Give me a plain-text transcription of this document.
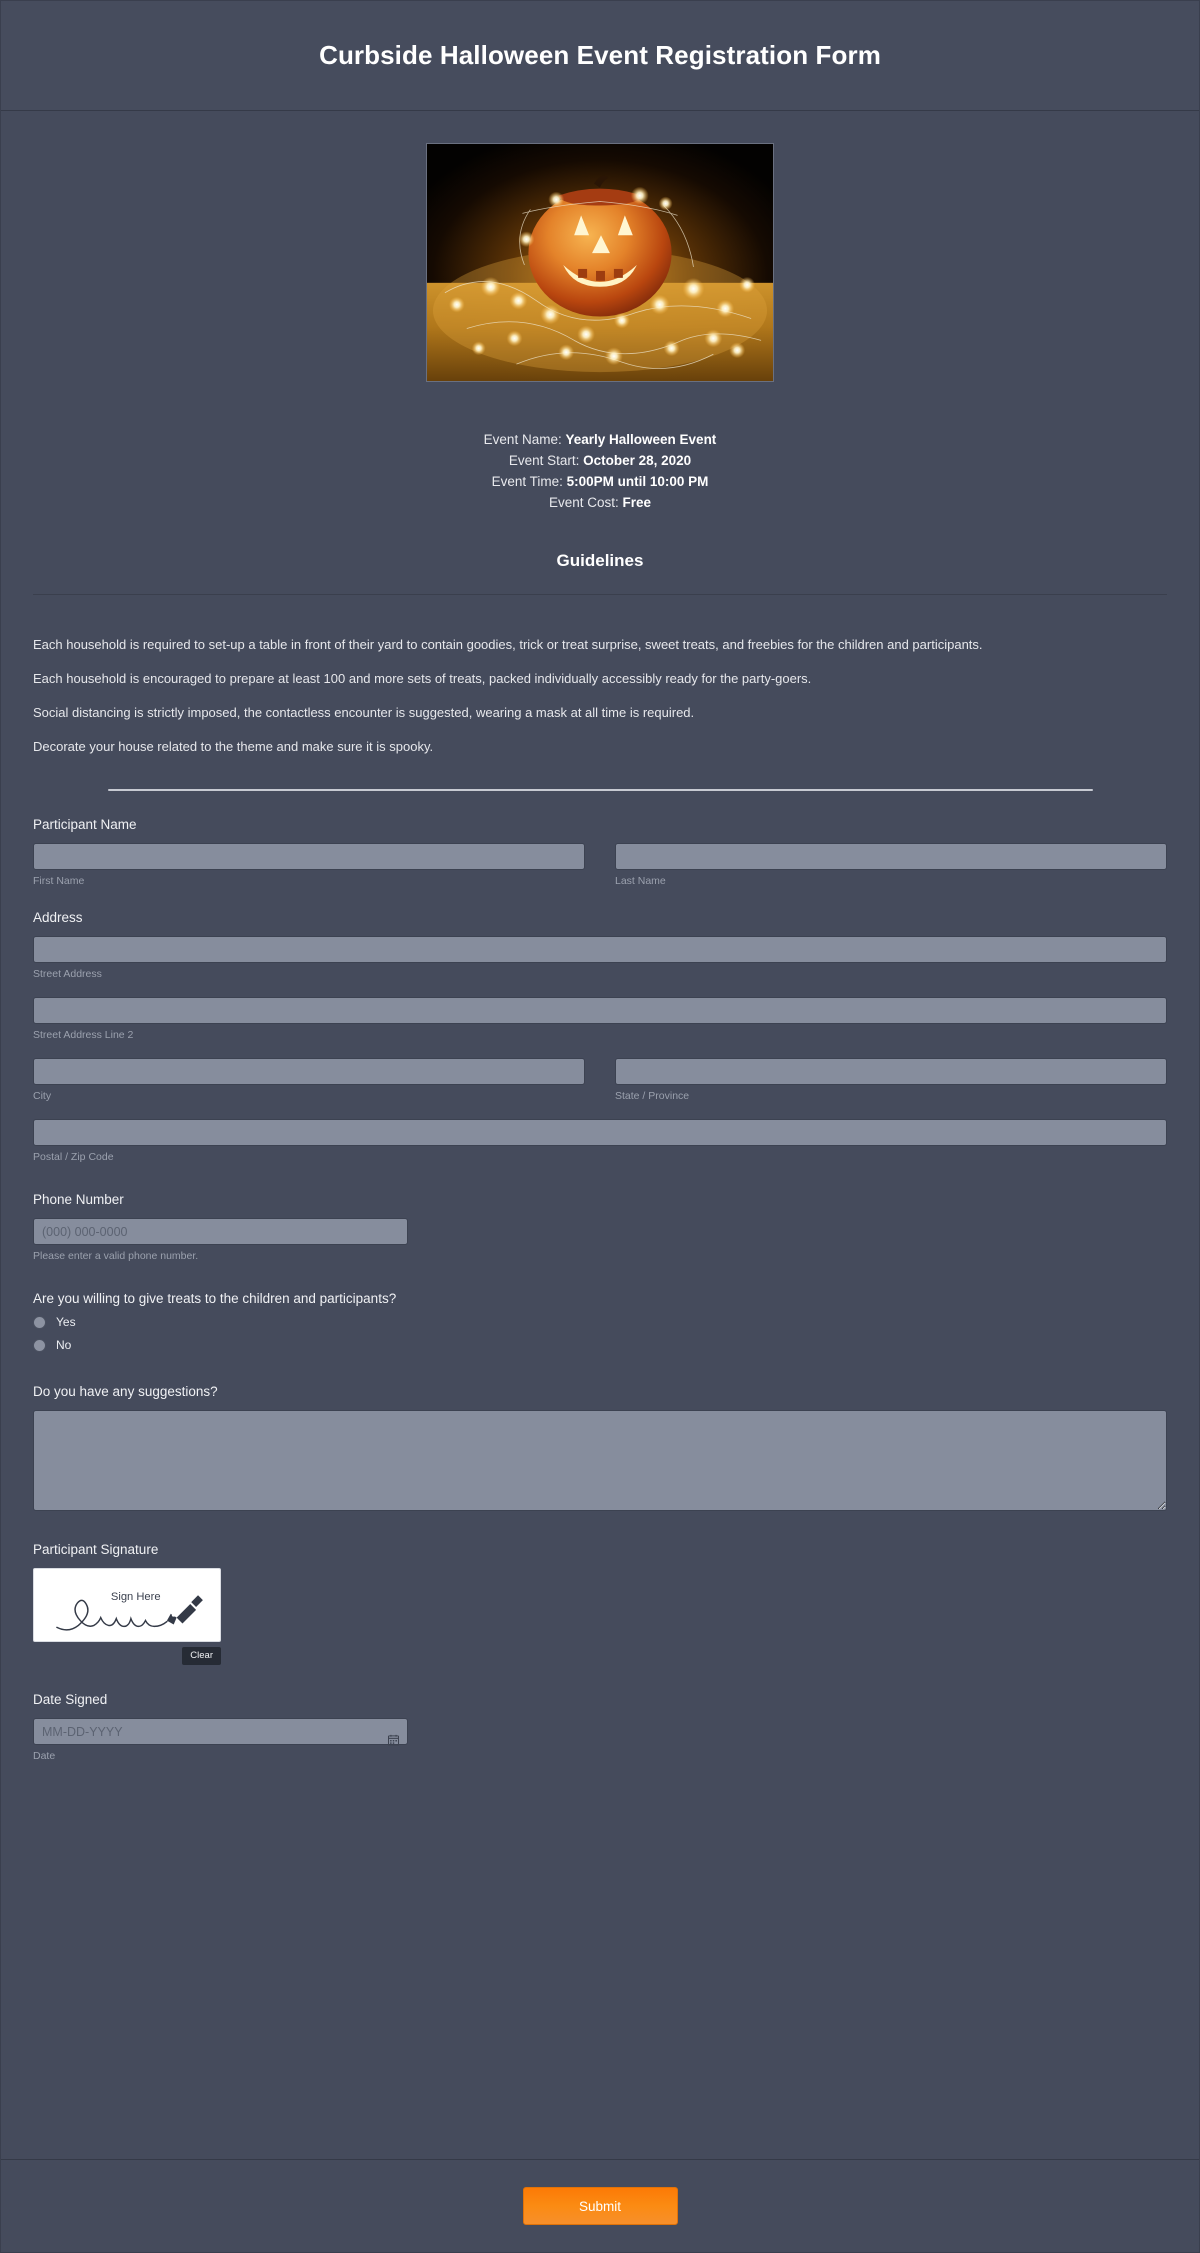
Curbside Halloween Event Registration Form
Event Name: Yearly Halloween Event
Event Start: October 28, 2020
Event Time: 5:00PM until 10:00 PM
Event Cost: Free
Guidelines
Each household is required to set-up a table in front of their yard to contain goodies, trick or treat surprise, sweet treats, and freebies for the children and participants.
Each household is encouraged to prepare at least 100 and more sets of treats, packed individually accessibly ready for the party-goers.
Social distancing is strictly imposed, the contactless encounter is suggested, wearing a mask at all time is required.
Decorate your house related to the theme and make sure it is spooky.
Participant Name
First Name	Last Name
Address
Street Address
Street Address Line 2
City	State / Province
Postal / Zip Code
Phone Number
(000) 000-0000
Please enter a valid phone number.
Are you willing to give treats to the children and participants?
Yes
No
Do you have any suggestions?
Participant Signature
Sign Here
Clear
Date Signed
MM-DD-YYYY
Date
Submit
